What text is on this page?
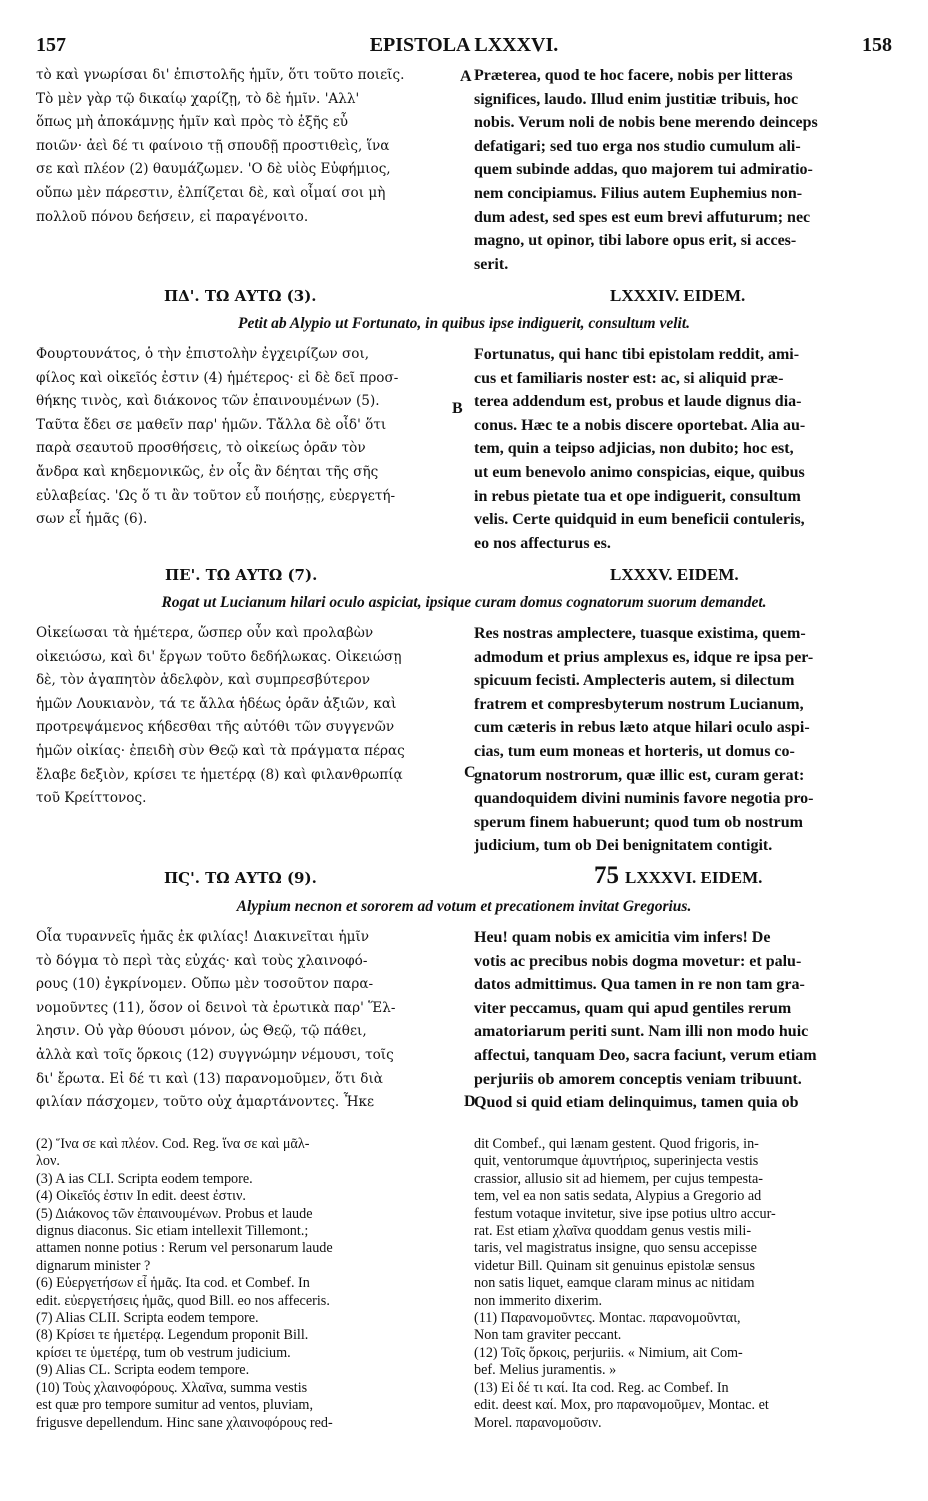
157	EPISTOLA LXXXVI.	158
τὸ καὶ γνωρίσαι δι' ἐπιστολῆς ἡμῖν, ὅτι τοῦτο ποιεῖς.
Τὸ μὲν γὰρ τῷ δικαίῳ χαρίζῃ, τὸ δὲ ἡμῖν. 'Αλλ'
ὅπως μὴ ἀποκάμνῃς ἡμῖν καὶ πρὸς τὸ ἑξῆς εὖ
ποιῶν· ἀεὶ δέ τι φαίνοιο τῇ σπουδῇ προστιθεὶς, ἵνα
σε καὶ πλέον (2) θαυμάζωμεν. 'Ο δὲ υἱὸς Εὐφήμιος,
οὔπω μὲν πάρεστιν, ἐλπίζεται δὲ, καὶ οἶμαί σοι μὴ
πολλοῦ πόνου δεήσειν, εἰ παραγένοιτο.
Præterea, quod te hoc facere, nobis per litteras
significes, laudo. Illud enim justitiæ tribuis, hoc
nobis. Verum noli de nobis bene merendo deinceps
defatigari; sed tuo erga nos studio cumulum ali-
quem subinde addas, quo majorem tui admiratio-
nem concipiamus. Filius autem Euphemius non-
dum adest, sed spes est eum brevi affuturum; nec
magno, ut opinor, tibi labore opus erit, si acces-
serit.
A
ΠΔ'. ΤΩ ΑΥΤΩ (3).	LXXXIV. EIDEM.
Petit ab Alypio ut Fortunato, in quibus ipse indiguerit, consultum velit.
Φουρτουνάτος, ὁ τὴν ἐπιστολὴν ἐγχειρίζων σοι,
φίλος καὶ οἰκεῖός ἐστιν (4) ἡμέτερος· εἰ δὲ δεῖ προσ-
θήκης τινὸς, καὶ διάκονος τῶν ἐπαινουμένων (5).
Ταῦτα ἔδει σε μαθεῖν παρ' ἡμῶν. Τἄλλα δὲ οἶδ' ὅτι
παρὰ σεαυτοῦ προσθήσεις, τὸ οἰκείως ὁρᾶν τὸν
ἄνδρα καὶ κηδεμονικῶς, ἐν οἷς ἂν δέηται τῆς σῆς
εὐλαβείας. 'Ως ὅ τι ἂν τοῦτον εὖ ποιήσῃς, εὐεργετή-
σων εἶ ἡμᾶς (6).
Fortunatus, qui hanc tibi epistolam reddit, ami-
cus et familiaris noster est: ac, si aliquid præ-
terea addendum est, probus et laude dignus dia-
conus. Hæc te a nobis discere oportebat. Alia au-
tem, quin a teipso adjicias, non dubito; hoc est,
ut eum benevolo animo conspicias, eique, quibus
in rebus pietate tua et ope indiguerit, consultum
velis. Certe quidquid in eum beneficii contuleris,
eo nos affecturus es.
B
ΠΕ'. ΤΩ ΑΥΤΩ (7).	LXXXV. EIDEM.
Rogat ut Lucianum hilari oculo aspiciat, ipsique curam domus cognatorum suorum demandet.
Οἰκείωσαι τὰ ἡμέτερα, ὥσπερ οὖν καὶ προλαβὼν
οἰκειώσω, καὶ δι' ἔργων τοῦτο δεδήλωκας. Οἰκειώσῃ
δὲ, τὸν ἀγαπητὸν ἀδελφὸν, καὶ συμπρεσβύτερον
ἡμῶν Λουκιανὸν, τά τε ἄλλα ἡδέως ὁρᾶν ἀξιῶν, καὶ
προτρεψάμενος κήδεσθαι τῆς αὐτόθι τῶν συγγενῶν
ἡμῶν οἰκίας· ἐπειδὴ σὺν Θεῷ καὶ τὰ πράγματα πέρας
ἔλαβε δεξιὸν, κρίσει τε ἡμετέρᾳ (8) καὶ φιλανθρωπίᾳ
τοῦ Κρείττονος.
Res nostras amplectere, tuasque existima, quem-
admodum et prius amplexus es, idque re ipsa per-
spicuum fecisti. Amplecteris autem, si dilectum
fratrem et compresbyterum nostrum Lucianum,
cum cæteris in rebus læto atque hilari oculo aspi-
cias, tum eum moneas et horteris, ut domus co-
gnatorum nostrorum, quæ illic est, curam gerat:
quandoquidem divini numinis favore negotia pro-
sperum finem habuerunt; quod tum ob nostrum
judicium, tum ob Dei benignitatem contigit.
C
ΠϚ'. ΤΩ ΑΥΤΩ (9).	75 LXXXVI. EIDEM.
Alypium necnon et sororem ad votum et precationem invitat Gregorius.
Οἷα τυραννεῖς ἡμᾶς ἐκ φιλίας! Διακινεῖται ἡμῖν
τὸ δόγμα τὸ περὶ τὰς εὐχάς· καὶ τοὺς χλαινοφό-
ρους (10) ἐγκρίνομεν. Οὔπω μὲν τοσοῦτον παρα-
νομοῦντες (11), ὅσον οἱ δεινοὶ τὰ ἐρωτικὰ παρ' Ἕλ-
λησιν. Οὐ γὰρ θύουσι μόνον, ὡς Θεῷ, τῷ πάθει,
ἀλλὰ καὶ τοῖς ὅρκοις (12) συγγνώμην νέμουσι, τοῖς
δι' ἔρωτα. Εἰ δέ τι καὶ (13) παρανομοῦμεν, ὅτι διὰ
φιλίαν πάσχομεν, τοῦτο οὐχ ἁμαρτάνοντες. Ἦκε
Heu! quam nobis ex amicitia vim infers! De
votis ac precibus nobis dogma movetur: et palu-
datos admittimus. Qua tamen in re non tam gra-
viter peccamus, quam qui apud gentiles rerum
amatoriarum periti sunt. Nam illi non modo huic
affectui, tanquam Deo, sacra faciunt, verum etiam
perjuriis ob amorem conceptis veniam tribuunt.
Quod si quid etiam delinquimus, tamen quia ob
D
(2) Ἵνα σε καὶ πλέον. Cod. Reg. ἵνα σε καὶ μᾶλ-
λον.
(3) A ias CLI. Scripta eodem tempore.
(4) Οἰκεῖός ἐστιν In edit. deest ἐστιν.
(5) Διάκονος τῶν ἐπαινουμένων. Probus et laude
dignus diaconus. Sic etiam intellexit Tillemont.;
attamen nonne potius : Rerum vel personarum laude
dignarum minister ?
(6) Εὐεργετήσων εἶ ἡμᾶς. Ita cod. et Combef. In
edit. εὐεργετήσεις ἡμᾶς, quod Bill. eo nos affeceris.
(7) Alias CLII. Scripta eodem tempore.
(8) Κρίσει τε ἡμετέρᾳ. Legendum proponit Bill.
κρίσει τε ὑμετέρᾳ, tum ob vestrum judicium.
(9) Alias CL. Scripta eodem tempore.
(10) Τοὺς χλαινοφόρους. Χλαῖνα, summa vestis
est quæ pro tempore sumitur ad ventos, pluviam,
frigusve depellendum. Hinc sane χλαινοφόρους red-
dit Combef., qui lænam gestent. Quod frigoris, in-
quit, ventorumque ἀμυντήριος, superinjecta vestis
crassior, allusio sit ad hiemem, per cujus tempesta-
tem, vel ea non satis sedata, Alypius a Gregorio ad
festum votaque invitetur, sive ipse potius ultro accur-
rat. Est etiam χλαῖνα quoddam genus vestis mili-
taris, vel magistratus insigne, quo sensu accepisse
videtur Bill. Quinam sit genuinus epistolæ sensus
non satis liquet, eamque claram minus ac nitidam
non immerito dixerim.
(11) Παρανομοῦντες. Montac. παρανομοῦνται,
Non tam graviter peccant.
(12) Τοῖς ὅρκοις, perjuriis. « Nimium, ait Com-
bef. Melius juramentis. »
(13) Εἰ δέ τι καί. Ita cod. Reg. ac Combef. In
edit. deest καί. Mox, pro παρανομοῦμεν, Montac. et
Morel. παρανομοῦσιν.
